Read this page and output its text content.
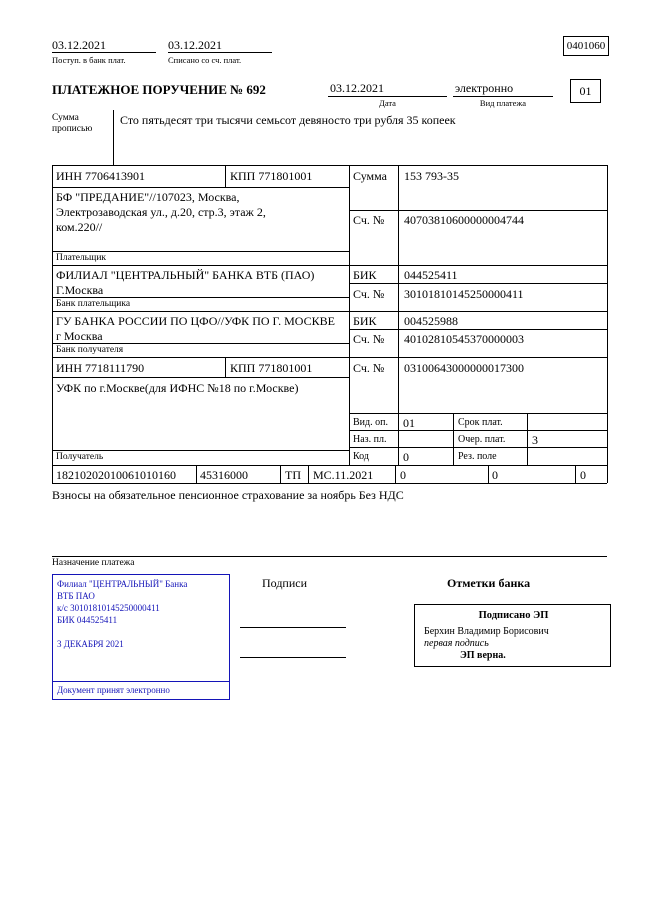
03.12.2021
Поступ. в банк плат.
03.12.2021
Списано со сч. плат.
0401060
ПЛАТЕЖНОЕ ПОРУЧЕНИЕ № 692	03.12.2021
Дата
электронно
Вид платежа
01
Сумма прописью
Сто пятьдесят три тысячи семьсот девяносто три рубля 35 копеек
ИНН 7706413901	КПП 771801001	Сумма 153 793-35
БФ "ПРЕДАНИЕ"//107023, Москва, Электрозаводская ул., д.20, стр.3, этаж 2, ком.220//
Плательщик
Сч. № 40703810600000004744
ФИЛИАЛ "ЦЕНТРАЛЬНЫЙ" БАНКА ВТБ (ПАО)
Г.Москва
Банк плательщика
БИК 044525411
Сч. № 30101810145250000411
ГУ БАНКА РОССИИ ПО ЦФО//УФК ПО Г. МОСКВЕ
г Москва
Банк получателя
БИК 004525988
Сч. № 40102810545370000003
ИНН 7718111790	КПП 771801001	Сч. № 03100643000000017300
УФК по г.Москве(для ИФНС №18 по г.Москве)
Получатель
Вид. оп. 01	Срок плат.
Наз. пл.	Очер. плат. 3
Код	0	Рез. поле
18210202010061010160 45316000	ТП МС.11.2021 0	0	0
Взносы на обязательное пенсионное страхование за ноябрь Без НДС
Назначение платежа
Подписи	Отметки банка
Филиал "ЦЕНТРАЛЬНЫЙ" Банка
ВТБ ПАО
к/с 30101810145250000411
БИК 044525411
3 ДЕКАБРЯ 2021
Документ принят электронно
Подписано ЭП
Берхин Владимир Борисович
первая подпись
ЭП верна.
